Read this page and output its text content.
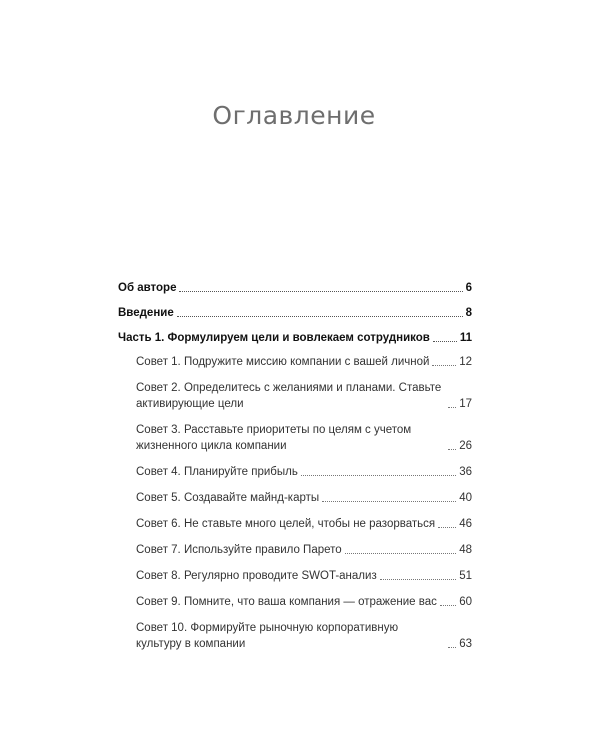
Оглавление
Об авторе	6
Введение	8
Часть 1. Формулируем цели и вовлекаем сотрудников	11
Совет 1. Подружите миссию компании с вашей личной	12
Совет 2. Определитесь с желаниями и планами. Ставьте активирующие цели	17
Совет 3. Расставьте приоритеты по целям с учетом жизненного цикла компании	26
Совет 4. Планируйте прибыль	36
Совет 5. Создавайте майнд-карты	40
Совет 6. Не ставьте много целей, чтобы не разорваться 46
Совет 7. Используйте правило Парето	48
Совет 8. Регулярно проводите SWOT-анализ	51
Совет 9. Помните, что ваша компания — отражение вас 60
Совет 10. Формируйте рыночную корпоративную культуру в компании	63
